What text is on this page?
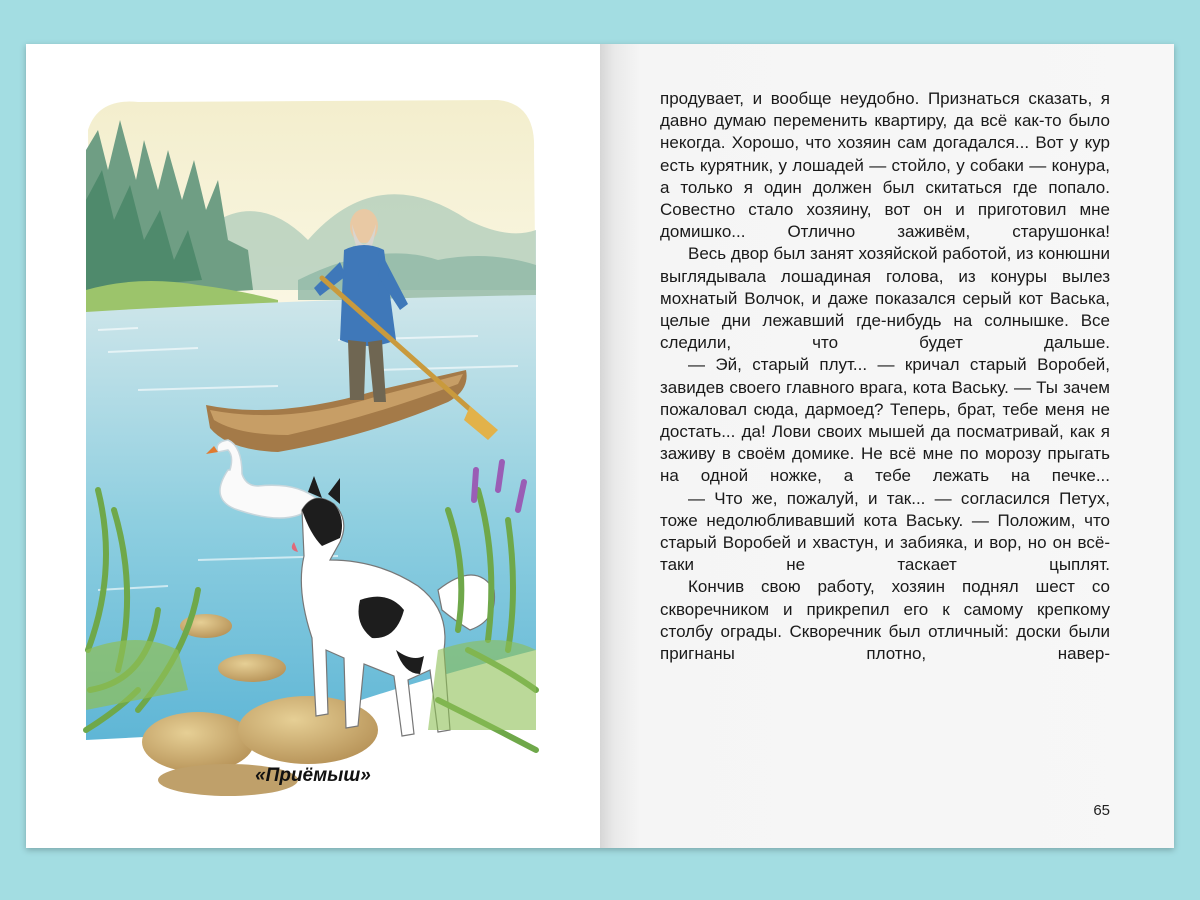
«Приёмыш»

продувает, и вообще неудобно. Признаться сказать, я давно думаю переменить квартиру, да всё как-то было некогда. Хорошо, что хозяин сам догадался... Вот у кур есть курятник, у лошадей — стойло, у собаки — конура, а только я один должен был скитаться где попало. Совестно стало хозяину, вот он и приготовил мне домишко... Отлично заживём, старушонка!

Весь двор был занят хозяйской работой, из конюшни выглядывала лошадиная голова, из конуры вылез мохнатый Волчок, и даже показался серый кот Васька, целые дни лежавший где-нибудь на солнышке. Все следили, что будет дальше.

— Эй, старый плут... — кричал старый Воробей, завидев своего главного врага, кота Ваську. — Ты зачем пожаловал сюда, дармоед? Теперь, брат, тебе меня не достать... да! Лови своих мышей да посматривай, как я заживу в своём домике. Не всё мне по морозу прыгать на одной ножке, а тебе лежать на печке...

— Что же, пожалуй, и так... — согласился Петух, тоже недолюбливавший кота Ваську. — Положим, что старый Воробей и хвастун, и забияка, и вор, но он всё-таки не таскает цыплят.

Кончив свою работу, хозяин поднял шест со скворечником и прикрепил его к самому крепкому столбу ограды. Скворечник был отличный: доски были пригнаны плотно, навер-

65
